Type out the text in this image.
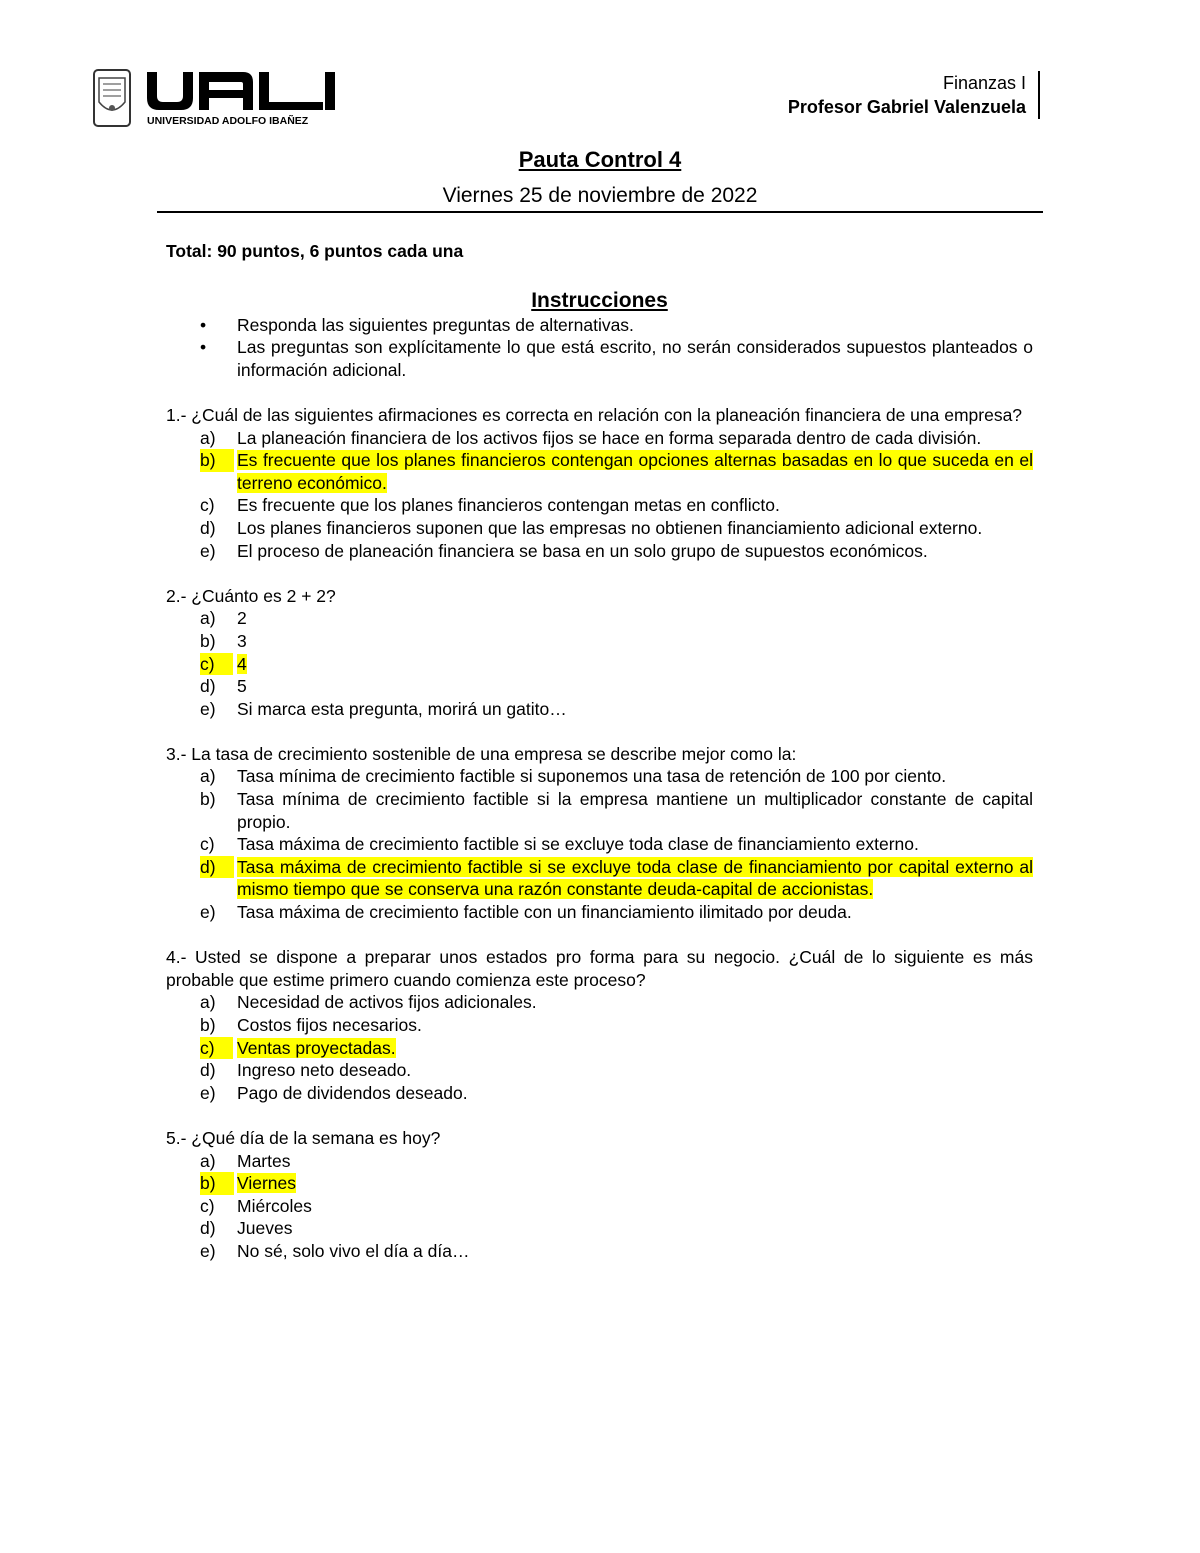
UNIVERSIDAD ADOLFO IBAÑEZ
Finanzas I
Profesor Gabriel Valenzuela
Pauta Control 4
Viernes 25 de noviembre de 2022

Total: 90 puntos, 6 puntos cada una

Instrucciones
• Responda las siguientes preguntas de alternativas.
• Las preguntas son explícitamente lo que está escrito, no serán considerados supuestos planteados o información adicional.

1.- ¿Cuál de las siguientes afirmaciones es correcta en relación con la planeación financiera de una empresa?

a) La planeación financiera de los activos fijos se hace en forma separada dentro de cada división.
b)	Es frecuente que los planes financieros contengan opciones alternas basadas en lo que suceda en el terreno económico.
c) Es frecuente que los planes financieros contengan metas en conflicto.
d) Los planes financieros suponen que las empresas no obtienen financiamiento adicional externo.
e) El proceso de planeación financiera se basa en un solo grupo de supuestos económicos.

2.- ¿Cuánto es 2 + 2?

a) 2
b) 3
c)	4
d) 5
e) Si marca esta pregunta, morirá un gatito…

3.- La tasa de crecimiento sostenible de una empresa se describe mejor como la:

a) Tasa mínima de crecimiento factible si suponemos una tasa de retención de 100 por ciento.
b) Tasa mínima de crecimiento factible si la empresa mantiene un multiplicador constante de capital propio.
c) Tasa máxima de crecimiento factible si se excluye toda clase de financiamiento externo.
d)	Tasa máxima de crecimiento factible si se excluye toda clase de financiamiento por capital externo al mismo tiempo que se conserva una razón constante deuda-capital de accionistas.
e) Tasa máxima de crecimiento factible con un financiamiento ilimitado por deuda.

4.- Usted se dispone a preparar unos estados pro forma para su negocio. ¿Cuál de lo siguiente es más probable que estime primero cuando comienza este proceso?

a) Necesidad de activos fijos adicionales.
b) Costos fijos necesarios.
c)	Ventas proyectadas.
d) Ingreso neto deseado.
e) Pago de dividendos deseado.

5.- ¿Qué día de la semana es hoy?

a) Martes
b)	Viernes
c) Miércoles
d) Jueves
e) No sé, solo vivo el día a día…
